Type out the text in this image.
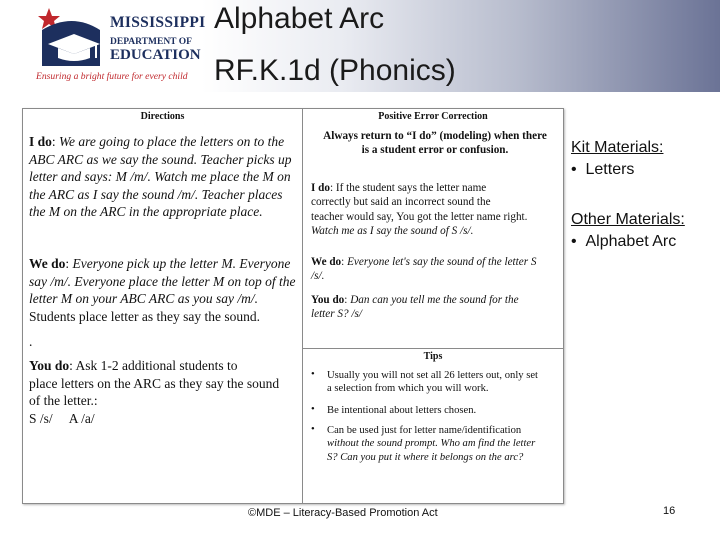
MISSISSIPPI
DEPARTMENT OF
EDUCATION
Ensuring a bright future for every child
Alphabet Arc
RF.K.1d (Phonics)
Directions
I do: We are going to place the letters on to the
ABC ARC as we say the sound. Teacher picks up
letter and says: M /m/. Watch me place the M on
the ARC as I say the sound /m/. Teacher places
the M on the ARC in the appropriate place.
We do: Everyone pick up the letter M. Everyone
say /m/. Everyone place the letter M on top of the
letter M on your ABC ARC as you say /m/.
Students place letter as they say the sound.
.
You do: Ask 1-2 additional students to
place letters on the ARC as they say the sound
of the letter.:
S /s/     A /a/
Positive Error Correction
Always return to “I do” (modeling) when there
is a student error or confusion.
I do: If the student says the letter name
correctly but said an incorrect sound the
teacher would say, You got the letter name right.
Watch me as I say the sound of S /s/.
We do: Everyone let's say the sound of the letter S
/s/.
You do: Dan can you tell me the sound for the
letter S? /s/
Tips
• Usually you will not set all 26 letters out, only set
a selection from which you will work.
• Be intentional about letters chosen.
• Can be used just for letter name/identification
without the sound prompt. Who am find the letter
S? Can you put it where it belongs on the arc?
Kit Materials:
•  Letters
Other Materials:
•  Alphabet Arc
©MDE – Literacy-Based Promotion Act	16
